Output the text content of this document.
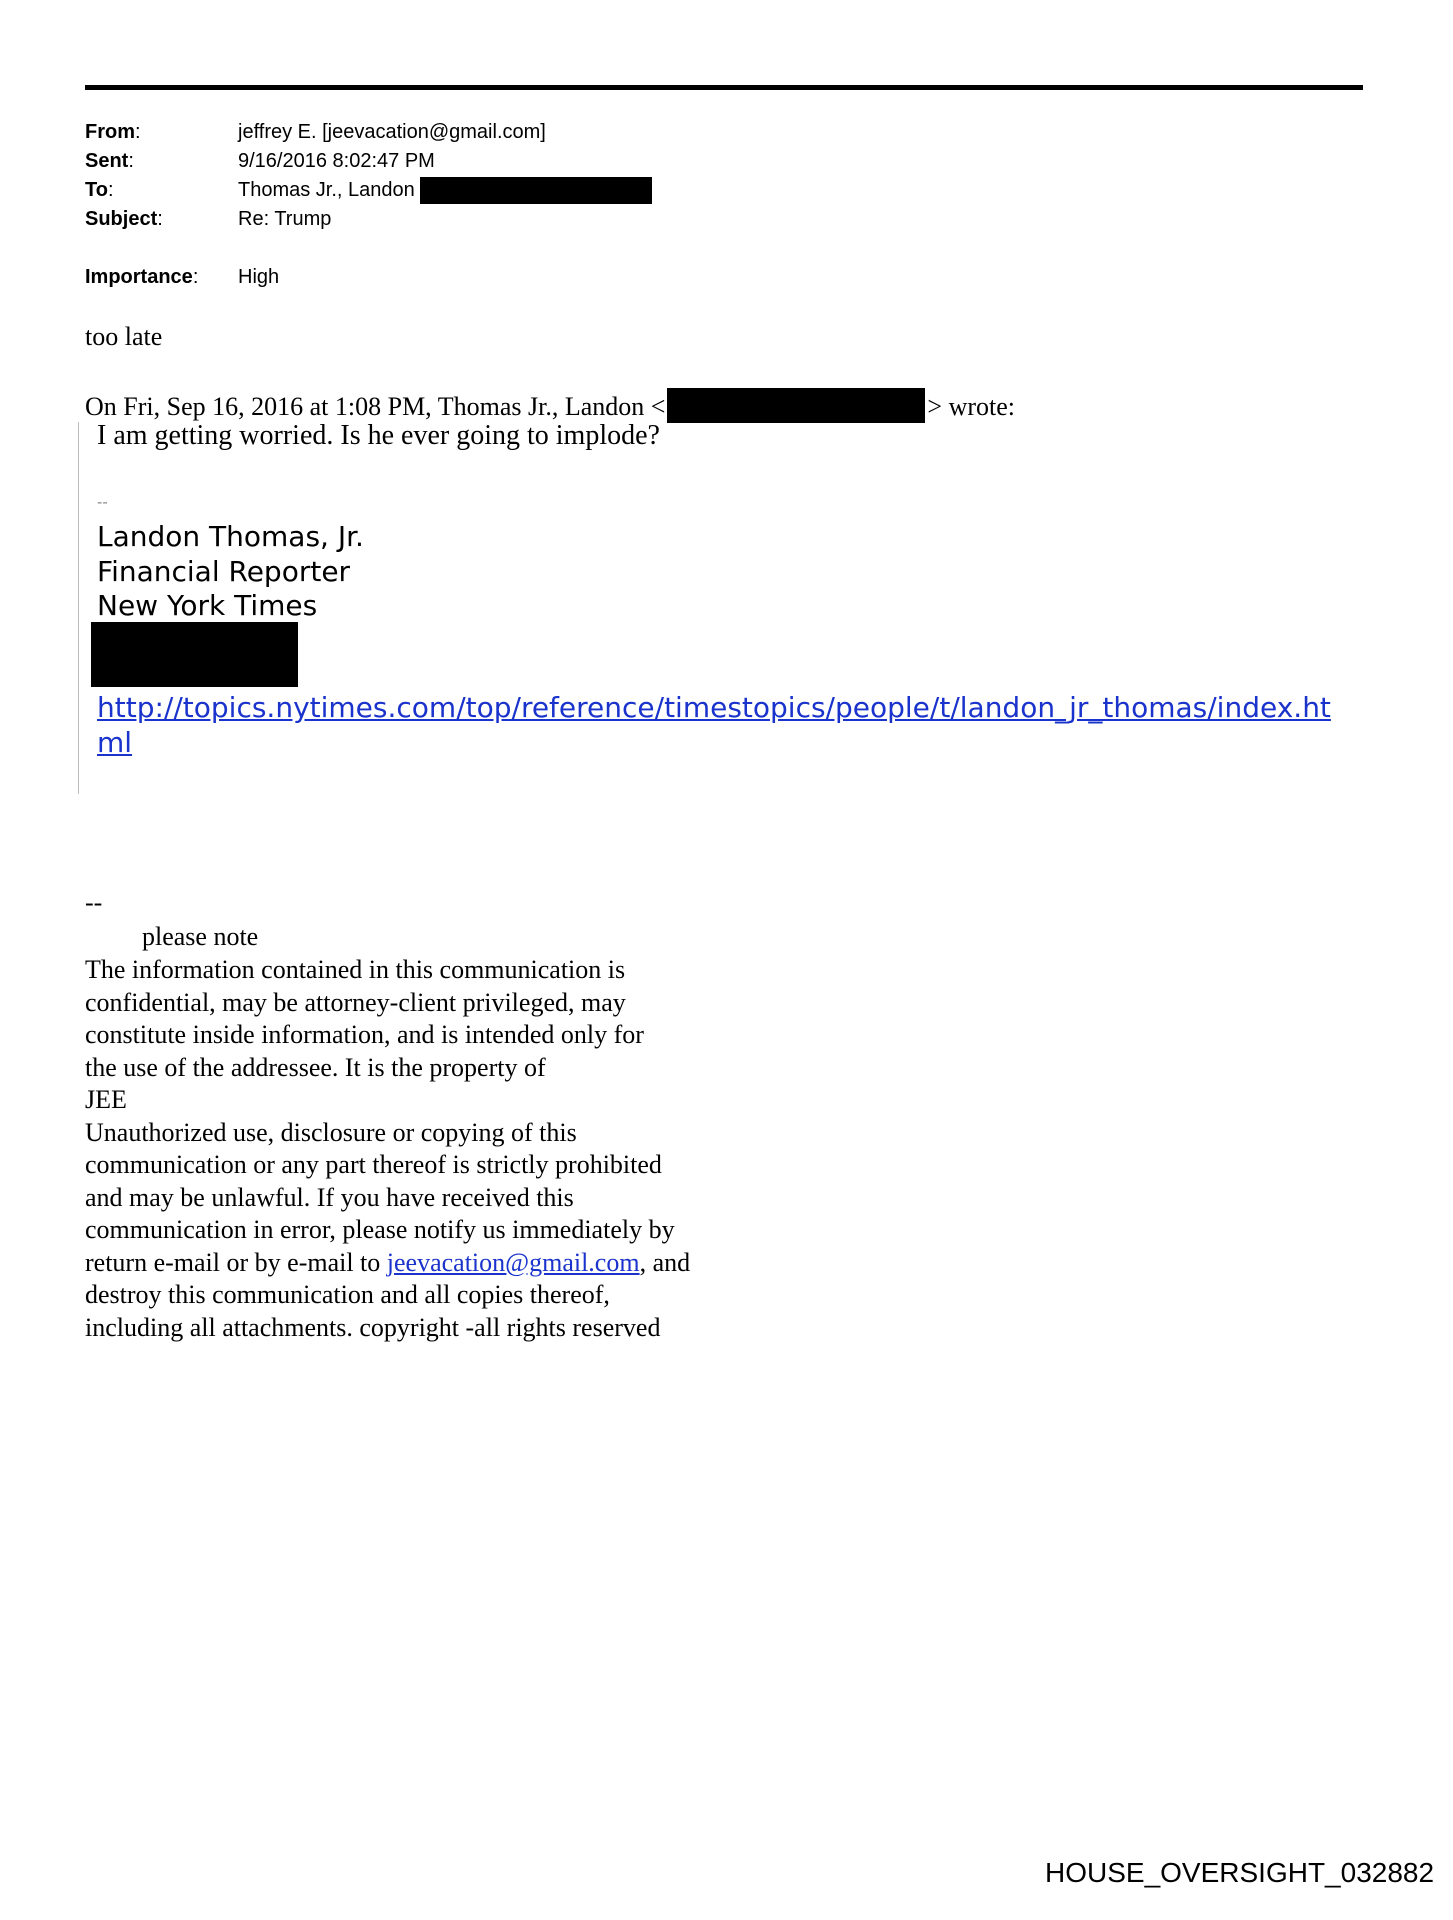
From:	jeffrey E. [jeevacation@gmail.com]
Sent:	9/16/2016 8:02:47 PM
To:	Thomas Jr., Landon
Subject:	Re: Trump
Importance: High
too late
On Fri, Sep 16, 2016 at 1:08 PM, Thomas Jr., Landon <	> wrote:
I am getting worried. Is he ever going to implode?
--
Landon Thomas, Jr.
Financial Reporter
New York Times
http://topics.nytimes.com/top/reference/timestopics/people/t/landon_jr_thomas/index.html
--
please note
The information contained in this communication is
confidential, may be attorney-client privileged, may
constitute inside information, and is intended only for
the use of the addressee. It is the property of
JEE
Unauthorized use, disclosure or copying of this
communication or any part thereof is strictly prohibited
and may be unlawful. If you have received this
communication in error, please notify us immediately by
return e-mail or by e-mail to jeevacation@gmail.com, and
destroy this communication and all copies thereof,
including all attachments. copyright -all rights reserved
HOUSE_OVERSIGHT_032882
